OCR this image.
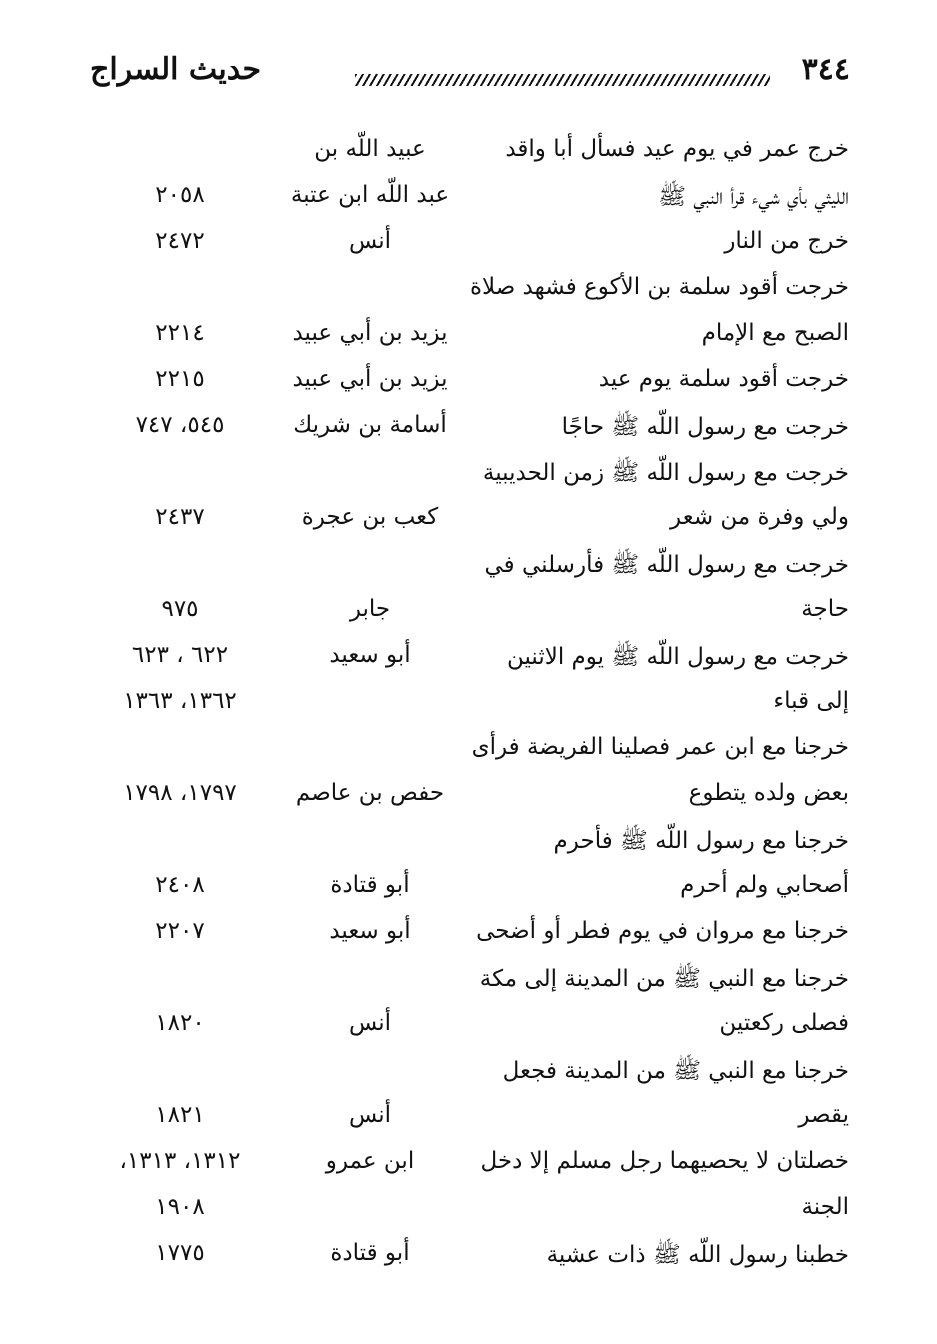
٣٤٤
حديث السراج
خرج عمر في يوم عيد فسأل أبا واقد
عبيد اللّه بن
الليثي بأي شيء قرأ النبي ﷺ
عبد اللّه ابن عتبة
٢٠٥٨
خرج من النار
أنس
٢٤٧٢
خرجت أقود سلمة بن الأكوع فشهد صلاة
الصبح مع الإمام
يزيد بن أبي عبيد
٢٢١٤
خرجت أقود سلمة يوم عيد
يزيد بن أبي عبيد
٢٢١٥
خرجت مع رسول اللّه ﷺ حاجًا
أسامة بن شريك
٥٤٥، ٧٤٧
خرجت مع رسول اللّه ﷺ زمن الحديبية
ولي وفرة من شعر
كعب بن عجرة
٢٤٣٧
خرجت مع رسول اللّه ﷺ فأرسلني في
حاجة
جابر
٩٧٥
خرجت مع رسول اللّه ﷺ يوم الاثنين
أبو سعيد
٦٢٢ ، ٦٢٣
إلى قباء
١٣٦٢، ١٣٦٣
خرجنا مع ابن عمر فصلينا الفريضة فرأى
بعض ولده يتطوع
حفص بن عاصم
١٧٩٧، ١٧٩٨
خرجنا مع رسول اللّه ﷺ فأحرم
أصحابي ولم أحرم
أبو قتادة
٢٤٠٨
خرجنا مع مروان في يوم فطر أو أضحى
أبو سعيد
٢٢٠٧
خرجنا مع النبي ﷺ من المدينة إلى مكة
فصلى ركعتين
أنس
١٨٢٠
خرجنا مع النبي ﷺ من المدينة فجعل
يقصر
أنس
١٨٢١
خصلتان لا يحصيهما رجل مسلم إلا دخل
ابن عمرو
١٣١٢، ١٣١٣،
الجنة
١٩٠٨
خطبنا رسول اللّه ﷺ ذات عشية
أبو قتادة
١٧٧٥
